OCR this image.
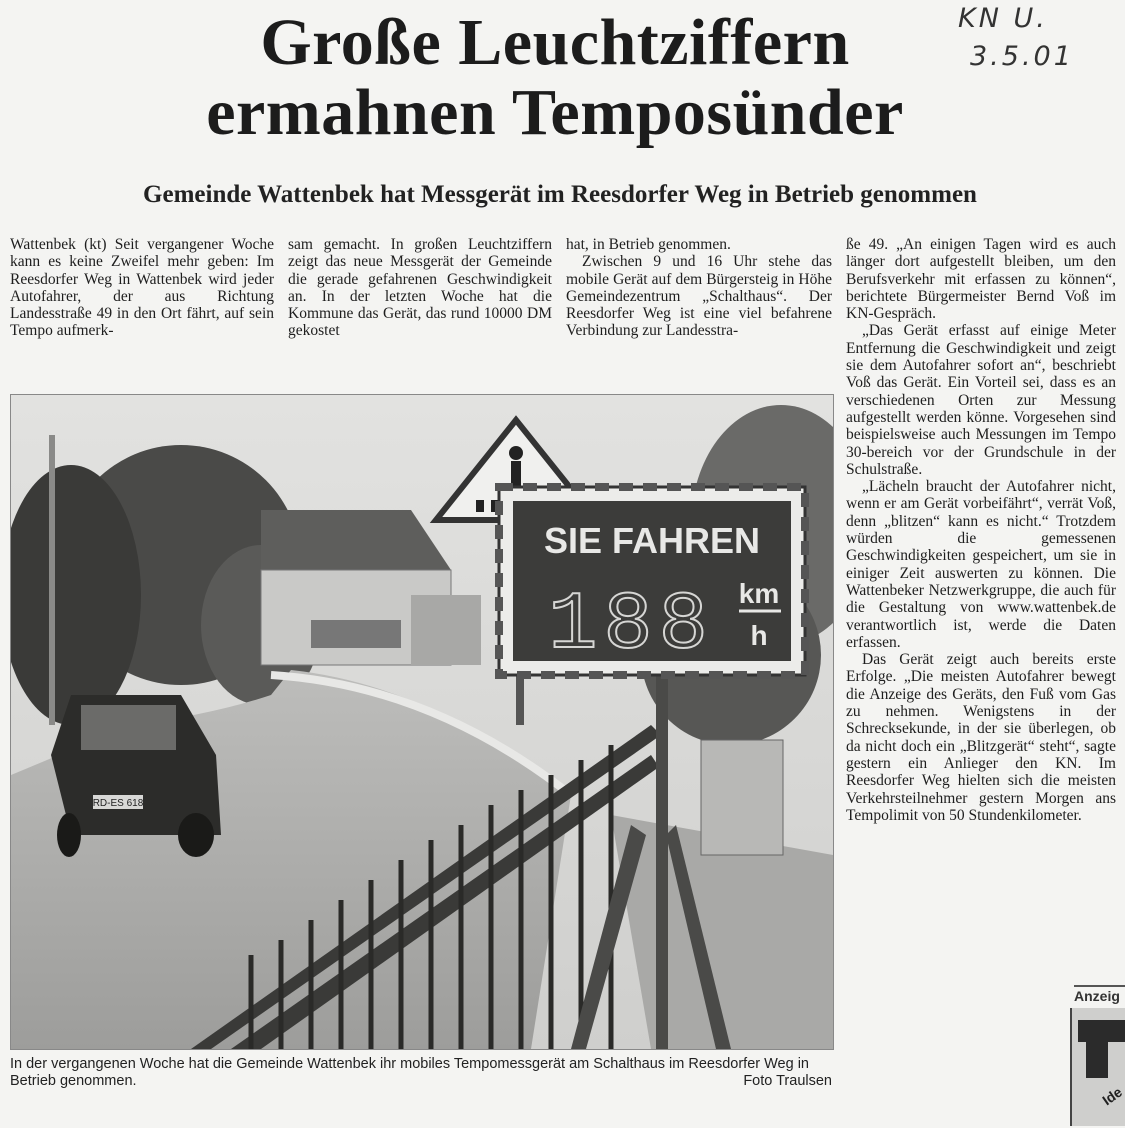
Große Leuchtziffern
ermahnen Temposünder
KN U.
3.5.01
Gemeinde Wattenbek hat Messgerät im Reesdorfer Weg in Betrieb genommen

Wattenbek (kt) Seit vergangener Woche kann es keine Zweifel mehr geben: Im Reesdorfer Weg in Wattenbek wird jeder Autofahrer, der aus Richtung Landesstraße 49 in den Ort fährt, auf sein Tempo aufmerk-

sam gemacht. In großen Leuchtziffern zeigt das neue Messgerät der Gemeinde die gerade gefahrenen Geschwindigkeit an. In der letzten Woche hat die Kommune das Gerät, das rund 10000 DM gekostet

hat, in Betrieb genommen.

Zwischen 9 und 16 Uhr stehe das mobile Gerät auf dem Bürgersteig in Höhe Gemeindezentrum „Schalthaus“. Der Reesdorfer Weg ist eine viel befahrene Verbindung zur Landesstra-

ße 49. „An einigen Tagen wird es auch länger dort aufgestellt bleiben, um den Berufsverkehr mit erfassen zu können“, berichtete Bürgermeister Bernd Voß im KN-Gespräch.

„Das Gerät erfasst auf einige Meter Entfernung die Geschwindigkeit und zeigt sie dem Autofahrer sofort an“, beschriebt Voß das Gerät. Ein Vorteil sei, dass es an verschiedenen Orten zur Messung aufgestellt werden könne. Vorgesehen sind beispielsweise auch Messungen im Tempo 30-bereich vor der Grundschule in der Schulstraße.

„Lächeln braucht der Autofahrer nicht, wenn er am Gerät vorbeifährt“, verrät Voß, denn „blitzen“ kann es nicht.“ Trotzdem würden die gemessenen Geschwindigkeiten gespeichert, um sie in einiger Zeit auswerten zu können. Die Wattenbeker Netzwerkgruppe, die auch für die Gestaltung von www.wattenbek.de verantwortlich ist, werde die Daten erfassen.

Das Gerät zeigt auch bereits erste Erfolge. „Die meisten Autofahrer bewegt die Anzeige des Geräts, den Fuß vom Gas zu nehmen. Wenigstens in der Schrecksekunde, in der sie überlegen, ob da nicht doch ein „Blitzgerät“ steht“, sagte gestern ein Anlieger den KN. Im Reesdorfer Weg hielten sich die meisten Verkehrsteilnehmer gestern Morgen ans Tempolimit von 50 Stundenkilometer.

RD-ES 618
SIE FAHREN
188 km
h
In der vergangenen Woche hat die Gemeinde Wattenbek ihr mobiles Tempomessgerät am Schalthaus im Reesdorfer Weg in Betrieb genommen.	Foto Traulsen
Anzeig
Ide
